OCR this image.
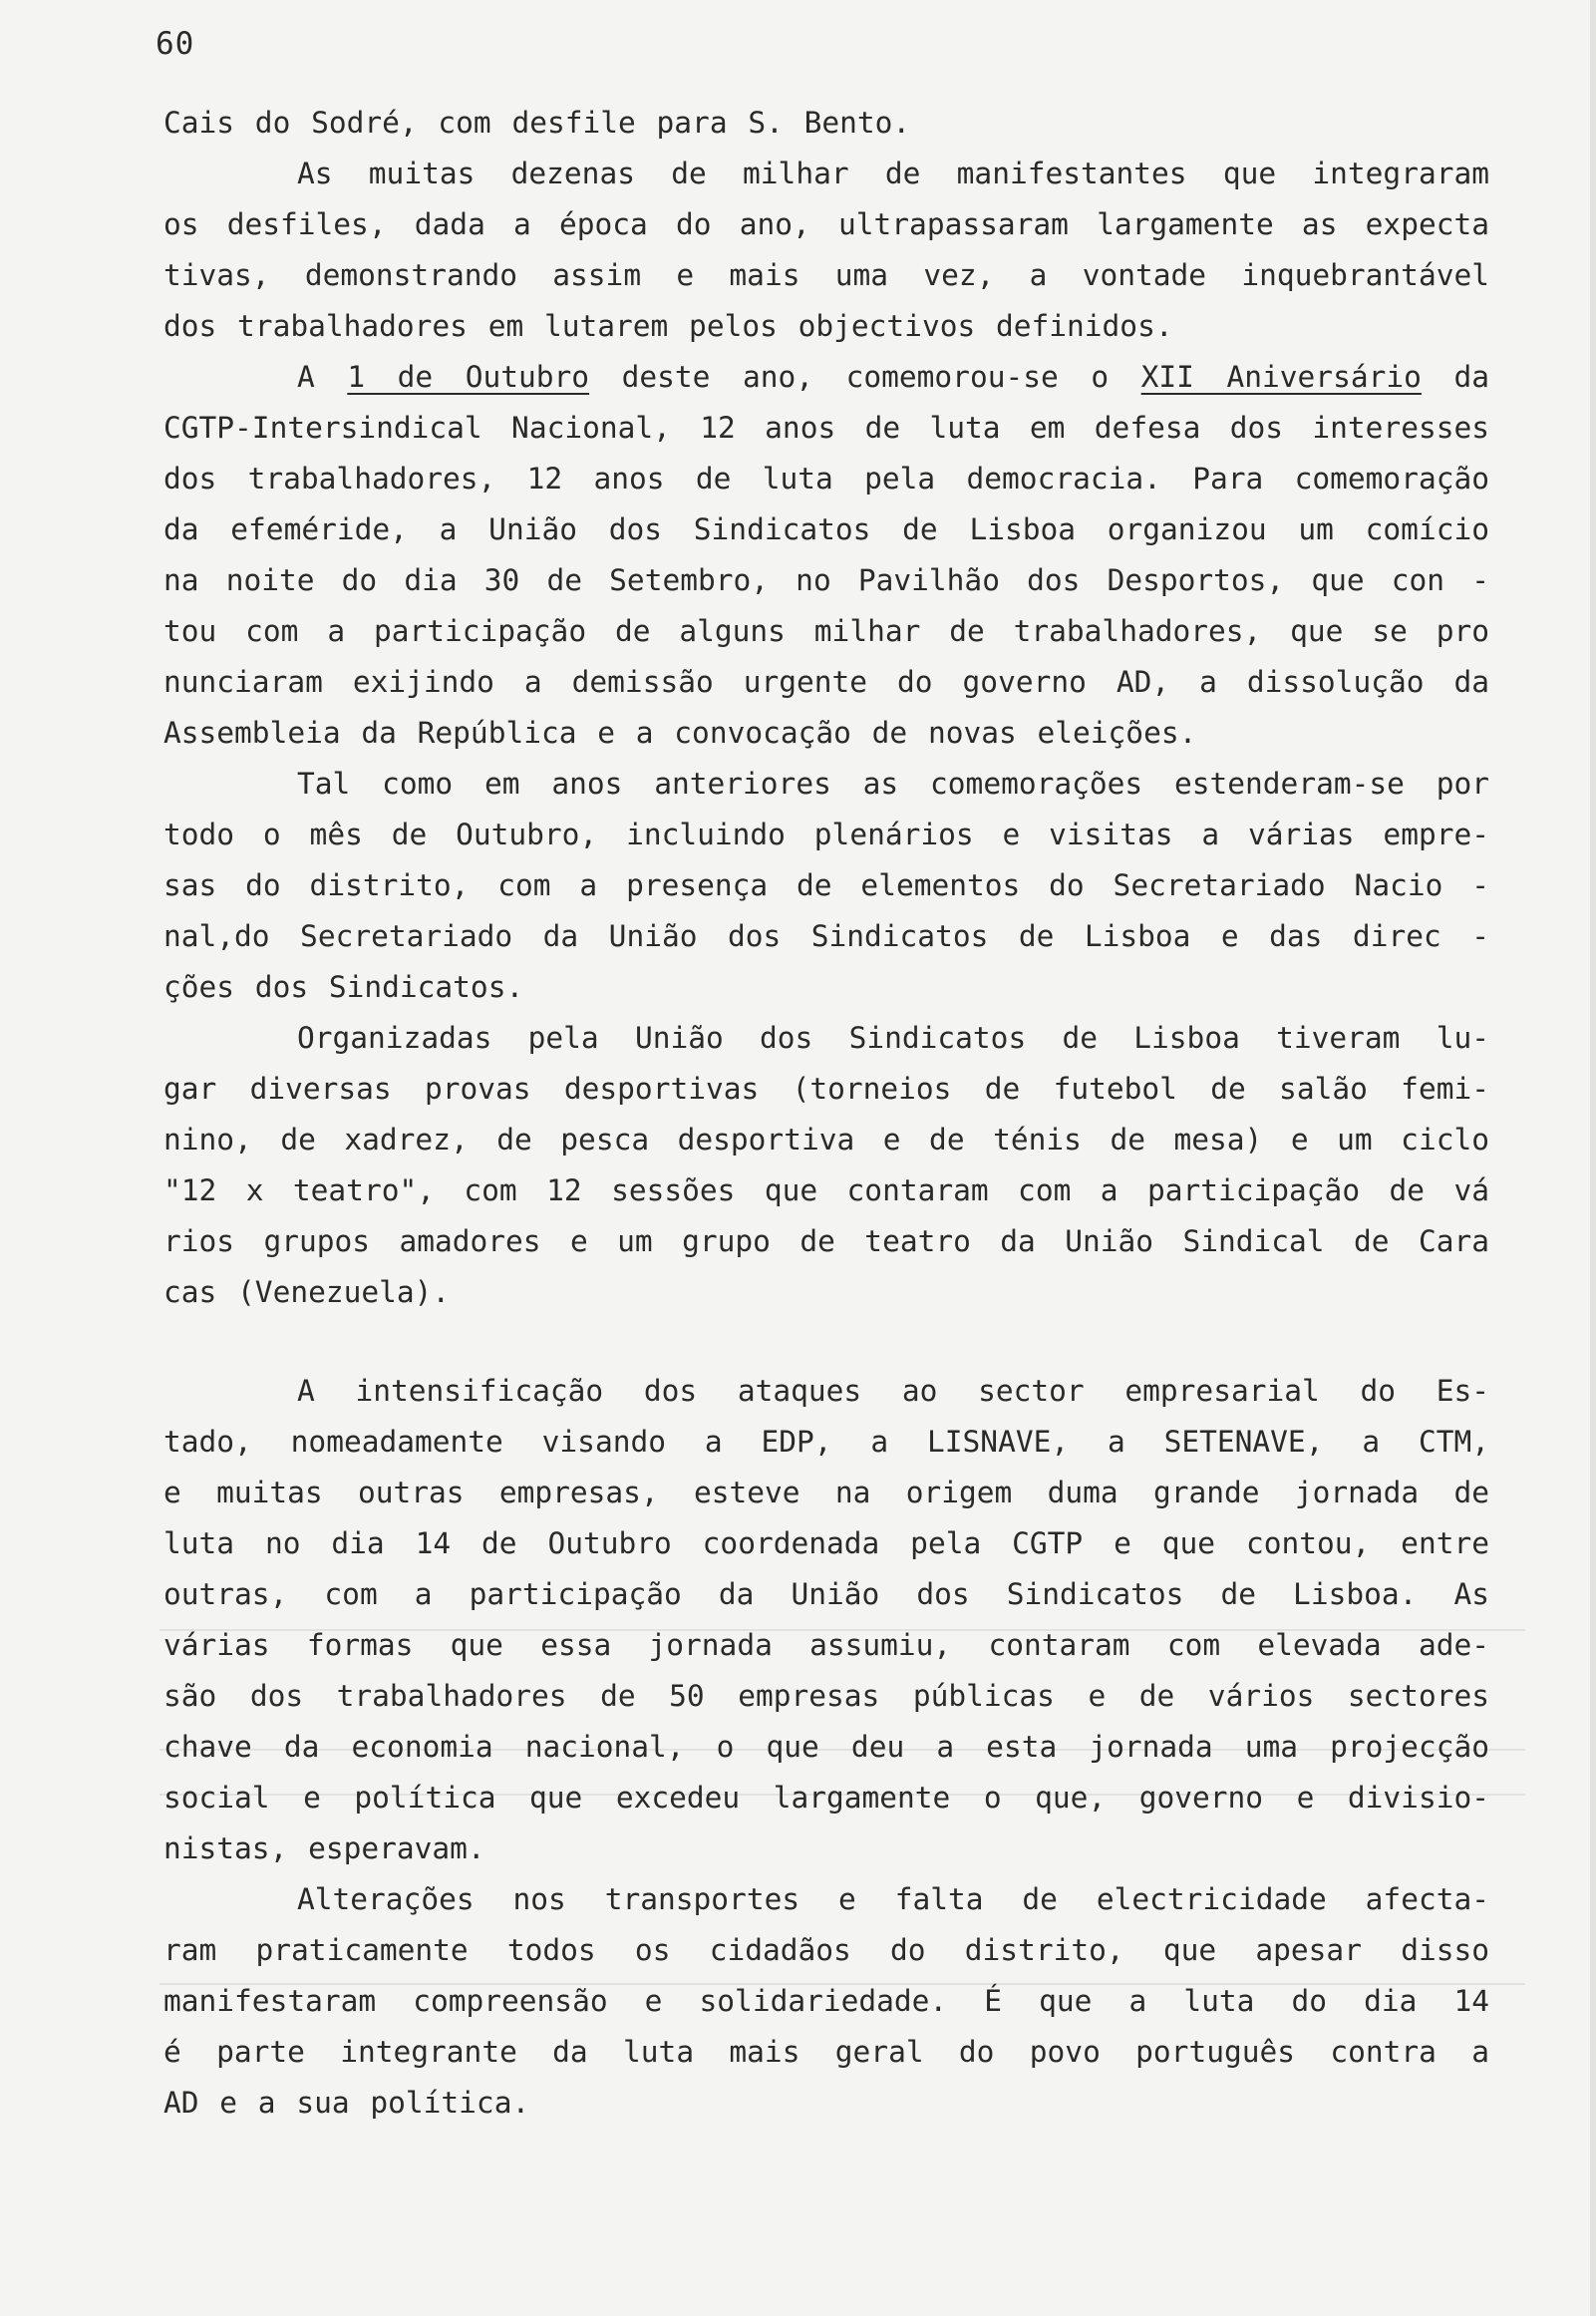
60
Cais do Sodré, com desfile para S. Bento.
As muitas dezenas de milhar de manifestantes que integraram
os desfiles, dada a época do ano, ultrapassaram largamente as expecta
tivas, demonstrando assim e mais uma vez, a vontade inquebrantável
dos trabalhadores em lutarem pelos objectivos definidos.
A 1 de Outubro deste ano, comemorou-se o XII Aniversário da
CGTP-Intersindical Nacional, 12 anos de luta em defesa dos interesses
dos trabalhadores, 12 anos de luta pela democracia. Para comemoração
da efeméride, a União dos Sindicatos de Lisboa organizou um comício
na noite do dia 30 de Setembro, no Pavilhão dos Desportos, que con -
tou com a participação de alguns milhar de trabalhadores, que se pro
nunciaram exijindo a demissão urgente do governo AD, a dissolução da
Assembleia da República e a convocação de novas eleições.
Tal como em anos anteriores as comemorações estenderam-se por
todo o mês de Outubro, incluindo plenários e visitas a várias empre-
sas do distrito, com a presença de elementos do Secretariado Nacio -
nal,do Secretariado da União dos Sindicatos de Lisboa e das direc -
ções dos Sindicatos.
Organizadas pela União dos Sindicatos de Lisboa tiveram lu-
gar diversas provas desportivas (torneios de futebol de salão femi-
nino, de xadrez, de pesca desportiva e de ténis de mesa) e um ciclo
"12 x teatro", com 12 sessões que contaram com a participação de vá
rios grupos amadores e um grupo de teatro da União Sindical de Cara
cas (Venezuela).
A intensificação dos ataques ao sector empresarial do Es-
tado, nomeadamente visando a EDP, a LISNAVE, a SETENAVE, a CTM,
e muitas outras empresas, esteve na origem duma grande jornada de
luta no dia 14 de Outubro coordenada pela CGTP e que contou, entre
outras, com a participação da União dos Sindicatos de Lisboa. As
várias formas que essa jornada assumiu, contaram com elevada ade-
são dos trabalhadores de 50 empresas públicas e de vários sectores
chave da economia nacional, o que deu a esta jornada uma projecção
social e política que excedeu largamente o que, governo e divisio-
nistas, esperavam.
Alterações nos transportes e falta de electricidade afecta-
ram praticamente todos os cidadãos do distrito, que apesar disso
manifestaram compreensão e solidariedade. É que a luta do dia 14
é parte integrante da luta mais geral do povo português contra a
AD e a sua política.
